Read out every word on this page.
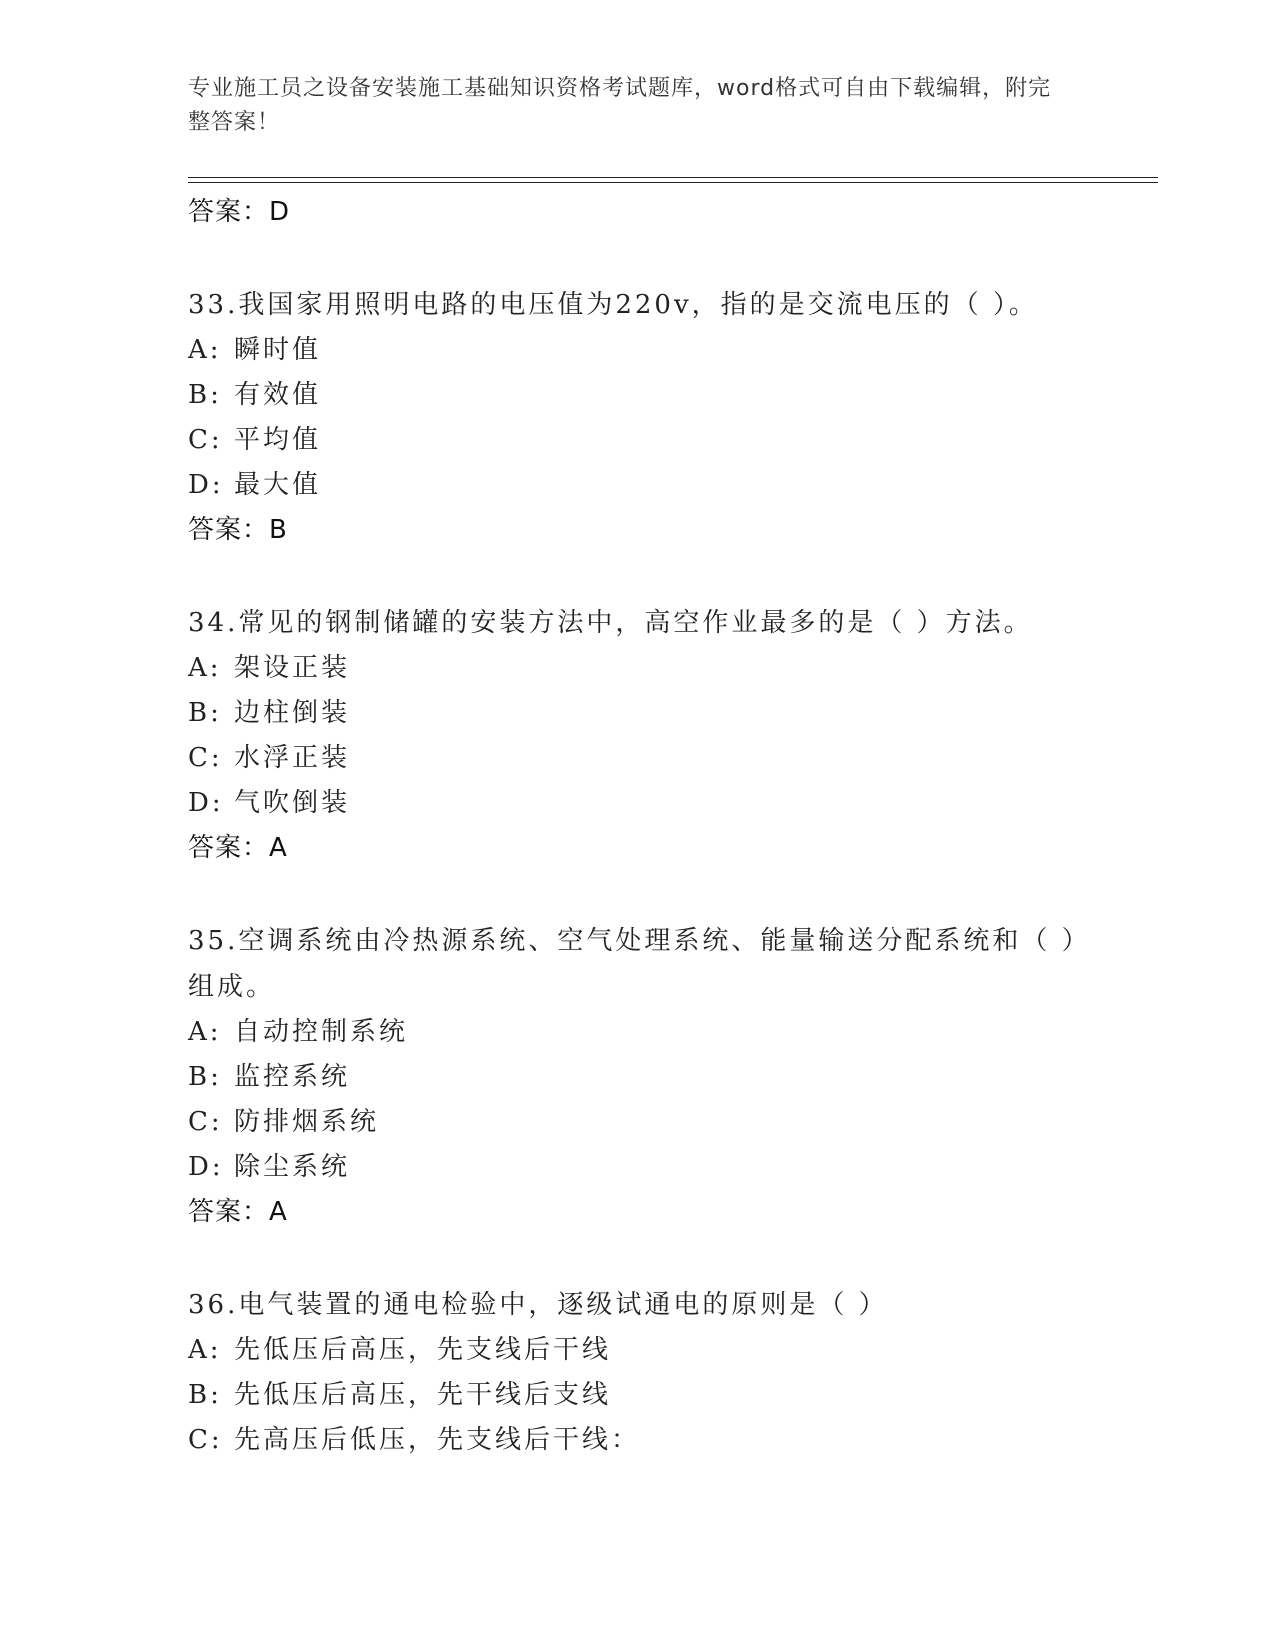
专业施工员之设备安装施工基础知识资格考试题库，word格式可自由下载编辑，附完整答案！

答案：D

33.我国家用照明电路的电压值为220v，指的是交流电压的（ ）。

A: 瞬时值

B: 有效值

C: 平均值

D: 最大值

答案：B

34.常见的钢制储罐的安装方法中，高空作业最多的是（ ）方法。

A: 架设正装

B: 边柱倒装

C: 水浮正装

D: 气吹倒装

答案：A

35.空调系统由冷热源系统、空气处理系统、能量输送分配系统和（ ）组成。

A: 自动控制系统

B: 监控系统

C: 防排烟系统

D: 除尘系统

答案：A

36.电气装置的通电检验中，逐级试通电的原则是（ ）

A: 先低压后高压，先支线后干线

B: 先低压后高压，先干线后支线

C: 先高压后低压，先支线后干线：
